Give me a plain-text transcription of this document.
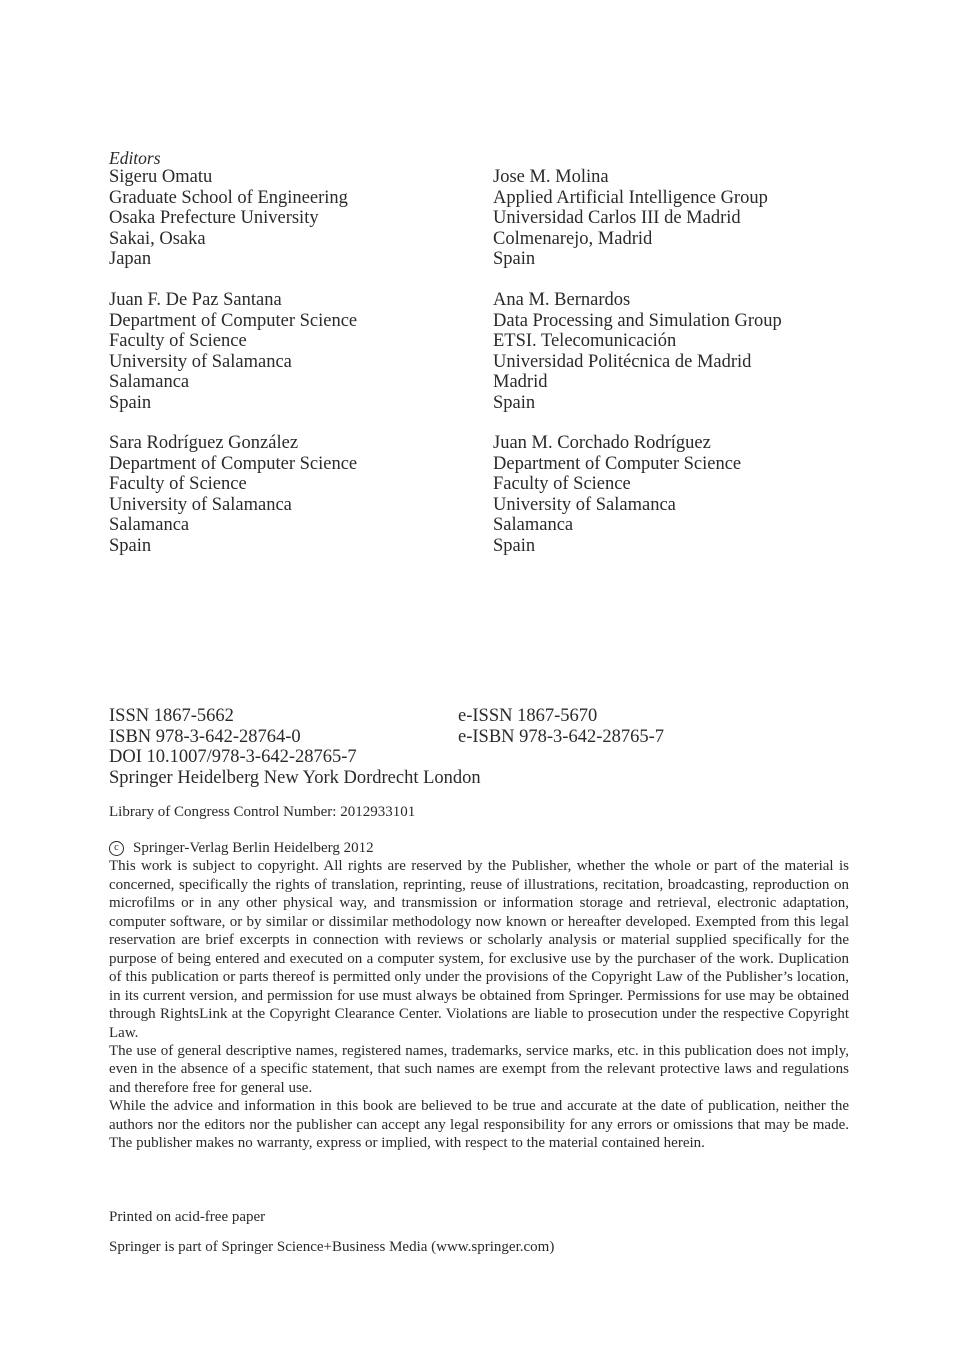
Editors
Sigeru Omatu
Graduate School of Engineering
Osaka Prefecture University
Sakai, Osaka
Japan
Jose M. Molina
Applied Artificial Intelligence Group
Universidad Carlos III de Madrid
Colmenarejo, Madrid
Spain
Juan F. De Paz Santana
Department of Computer Science
Faculty of Science
University of Salamanca
Salamanca
Spain
Ana M. Bernardos
Data Processing and Simulation Group
ETSI. Telecomunicación
Universidad Politécnica de Madrid
Madrid
Spain
Sara Rodríguez González
Department of Computer Science
Faculty of Science
University of Salamanca
Salamanca
Spain
Juan M. Corchado Rodríguez
Department of Computer Science
Faculty of Science
University of Salamanca
Salamanca
Spain
ISSN 1867-5662	e-ISSN 1867-5670
ISBN 978-3-642-28764-0	e-ISBN 978-3-642-28765-7
DOI 10.1007/978-3-642-28765-7
Springer Heidelberg New York Dordrecht London
Library of Congress Control Number: 2012933101
c Springer-Verlag Berlin Heidelberg 2012

This work is subject to copyright. All rights are reserved by the Publisher, whether the whole or part of the material is concerned, specifically the rights of translation, reprinting, reuse of illustrations, recitation, broadcasting, reproduction on microfilms or in any other physical way, and transmission or information storage and retrieval, electronic adaptation, computer software, or by similar or dissimilar methodology now known or hereafter developed. Exempted from this legal reservation are brief excerpts in connection with reviews or scholarly analysis or material supplied specifically for the purpose of being entered and executed on a computer system, for exclusive use by the purchaser of the work. Duplication of this publication or parts thereof is permitted only under the provisions of the Copyright Law of the Publisher’s location, in its current version, and permission for use must always be obtained from Springer. Permissions for use may be obtained through RightsLink at the Copyright Clearance Center. Violations are liable to prosecution under the respective Copyright Law.

The use of general descriptive names, registered names, trademarks, service marks, etc. in this publication does not imply, even in the absence of a specific statement, that such names are exempt from the relevant protective laws and regulations and therefore free for general use.

While the advice and information in this book are believed to be true and accurate at the date of publication, neither the authors nor the editors nor the publisher can accept any legal responsibility for any errors or omissions that may be made. The publisher makes no warranty, express or implied, with respect to the material contained herein.

Printed on acid-free paper
Springer is part of Springer Science+Business Media (www.springer.com)
